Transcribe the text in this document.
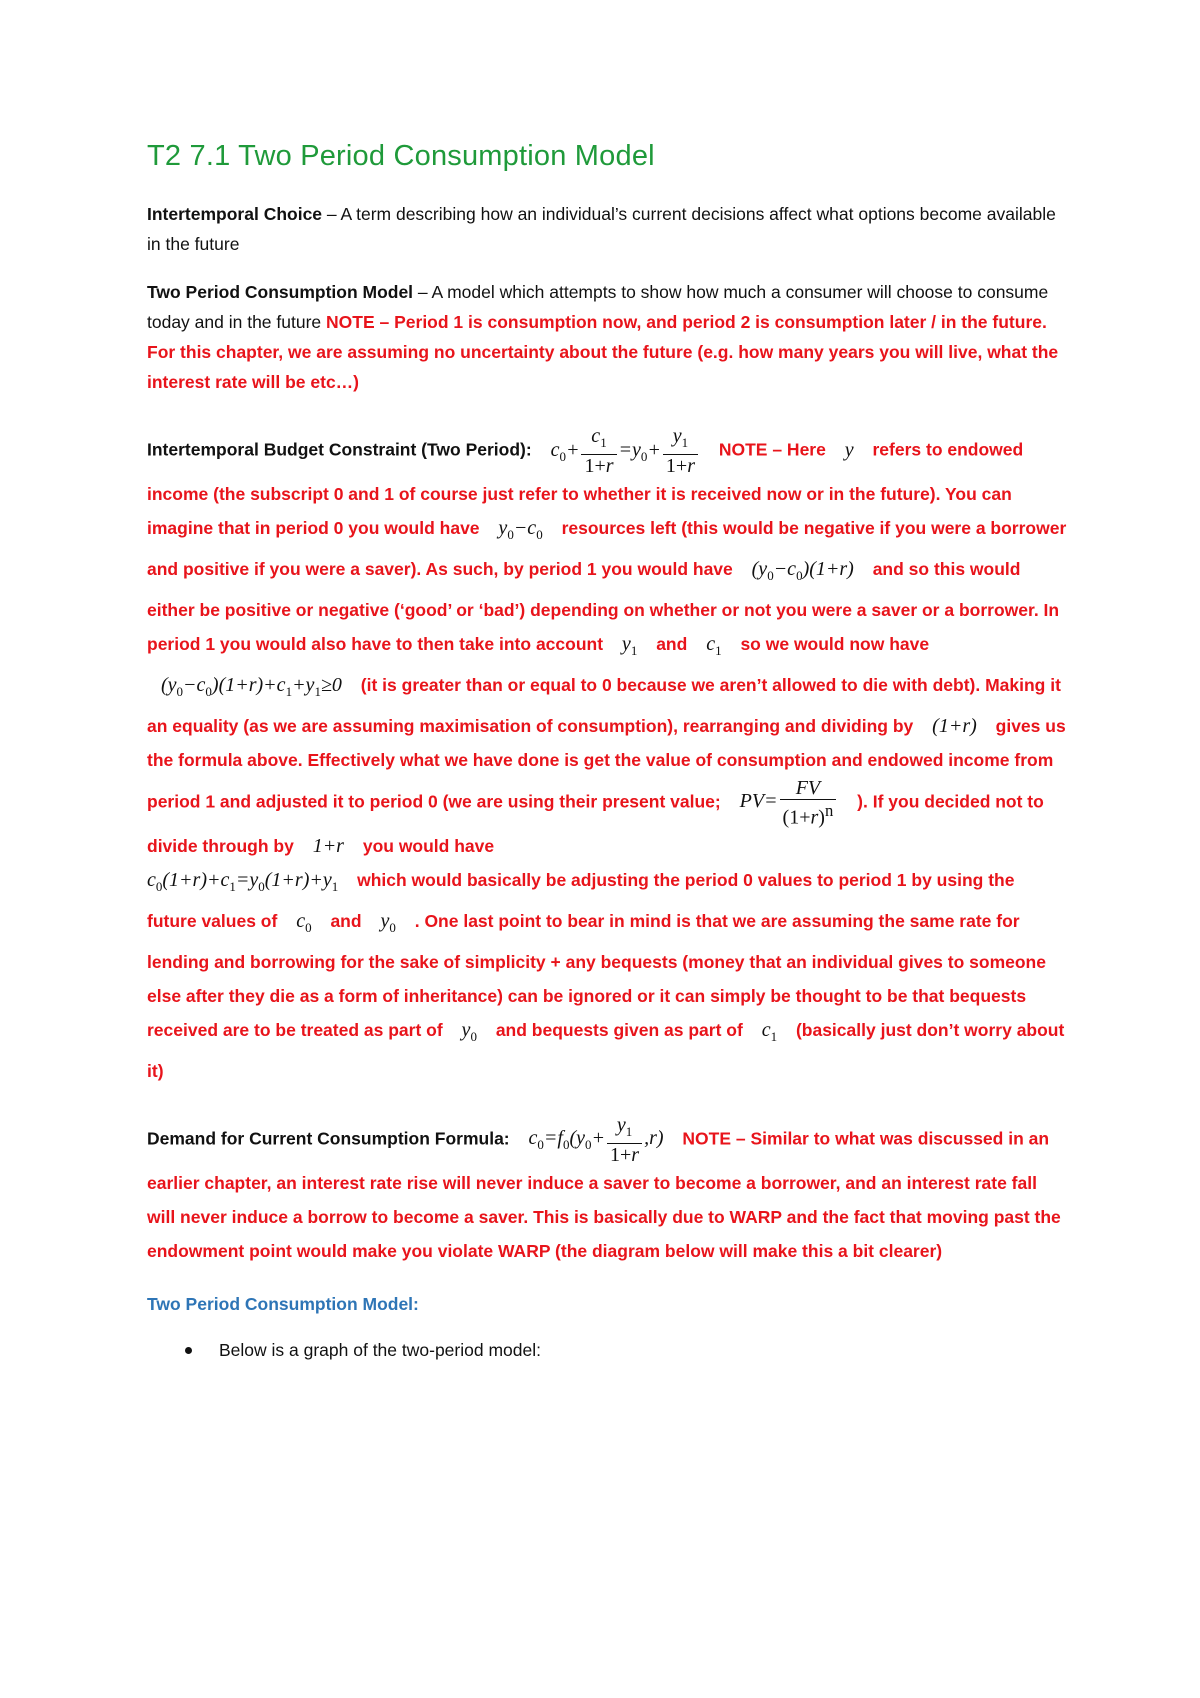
T2 7.1 Two Period Consumption Model

Intertemporal Choice – A term describing how an individual’s current decisions affect what options become available in the future

Two Period Consumption Model – A model which attempts to show how much a consumer will choose to consume today and in the future NOTE – Period 1 is consumption now, and period 2 is consumption later / in the future. For this chapter, we are assuming no uncertainty about the future (e.g. how many years you will live, what the interest rate will be etc…)

Intertemporal Budget Constraint (Two Period): $c_0+ \frac{c_1}{1+r} =y_0+ \frac{y_1}{1+r}$ NOTE – Here y refers to endowed income (the subscript 0 and 1 of course just refer to whether it is received now or in the future). You can imagine that in period 0 you would have $y_0-c_0$ resources left (this would be negative if you were a borrower and positive if you were a saver). As such, by period 1 you would have $(y_0-c_0)(1+r)$ and so this would either be positive or negative (‘good’ or ‘bad’) depending on whether or not you were a saver or a borrower. In period 1 you would also have to then take into account $y_1$ and $c_1$ so we would now have $(y_0-c_0)(1+r)+c_1+y_1\ge 0$ (it is greater than or equal to 0 because we aren’t allowed to die with debt). Making it an equality (as we are assuming maximisation of consumption), rearranging and dividing by (1+r) gives us the formula above. Effectively what we have done is get the value of consumption and endowed income from period 1 and adjusted it to period 0 (we are using their present value; $PV= \frac{FV}{(1+r)^n}$ ). If you decided not to divide through by 1+r you would have
$c_0(1+r)+c_1=y_0(1+r)+y_1$ which would basically be adjusting the period 0 values to period 1 by using the future values of $c_0$ and $y_0$ . One last point to bear in mind is that we are assuming the same rate for lending and borrowing for the sake of simplicity + any bequests (money that an individual gives to someone else after they die as a form of inheritance) can be ignored or it can simply be thought to be that bequests received are to be treated as part of $y_0$ and bequests given as part of $c_1$ (basically just don’t worry about it)

Demand for Current Consumption Formula: $c_0=f_0(y_0+ \frac{y_1}{1+r} ,r)$ NOTE – Similar to what was discussed in an earlier chapter, an interest rate rise will never induce a saver to become a borrower, and an interest rate fall will never induce a borrow to become a saver. This is basically due to WARP and the fact that moving past the endowment point would make you violate WARP (the diagram below will make this a bit clearer)

Two Period Consumption Model:
Below is a graph of the two-period model:
